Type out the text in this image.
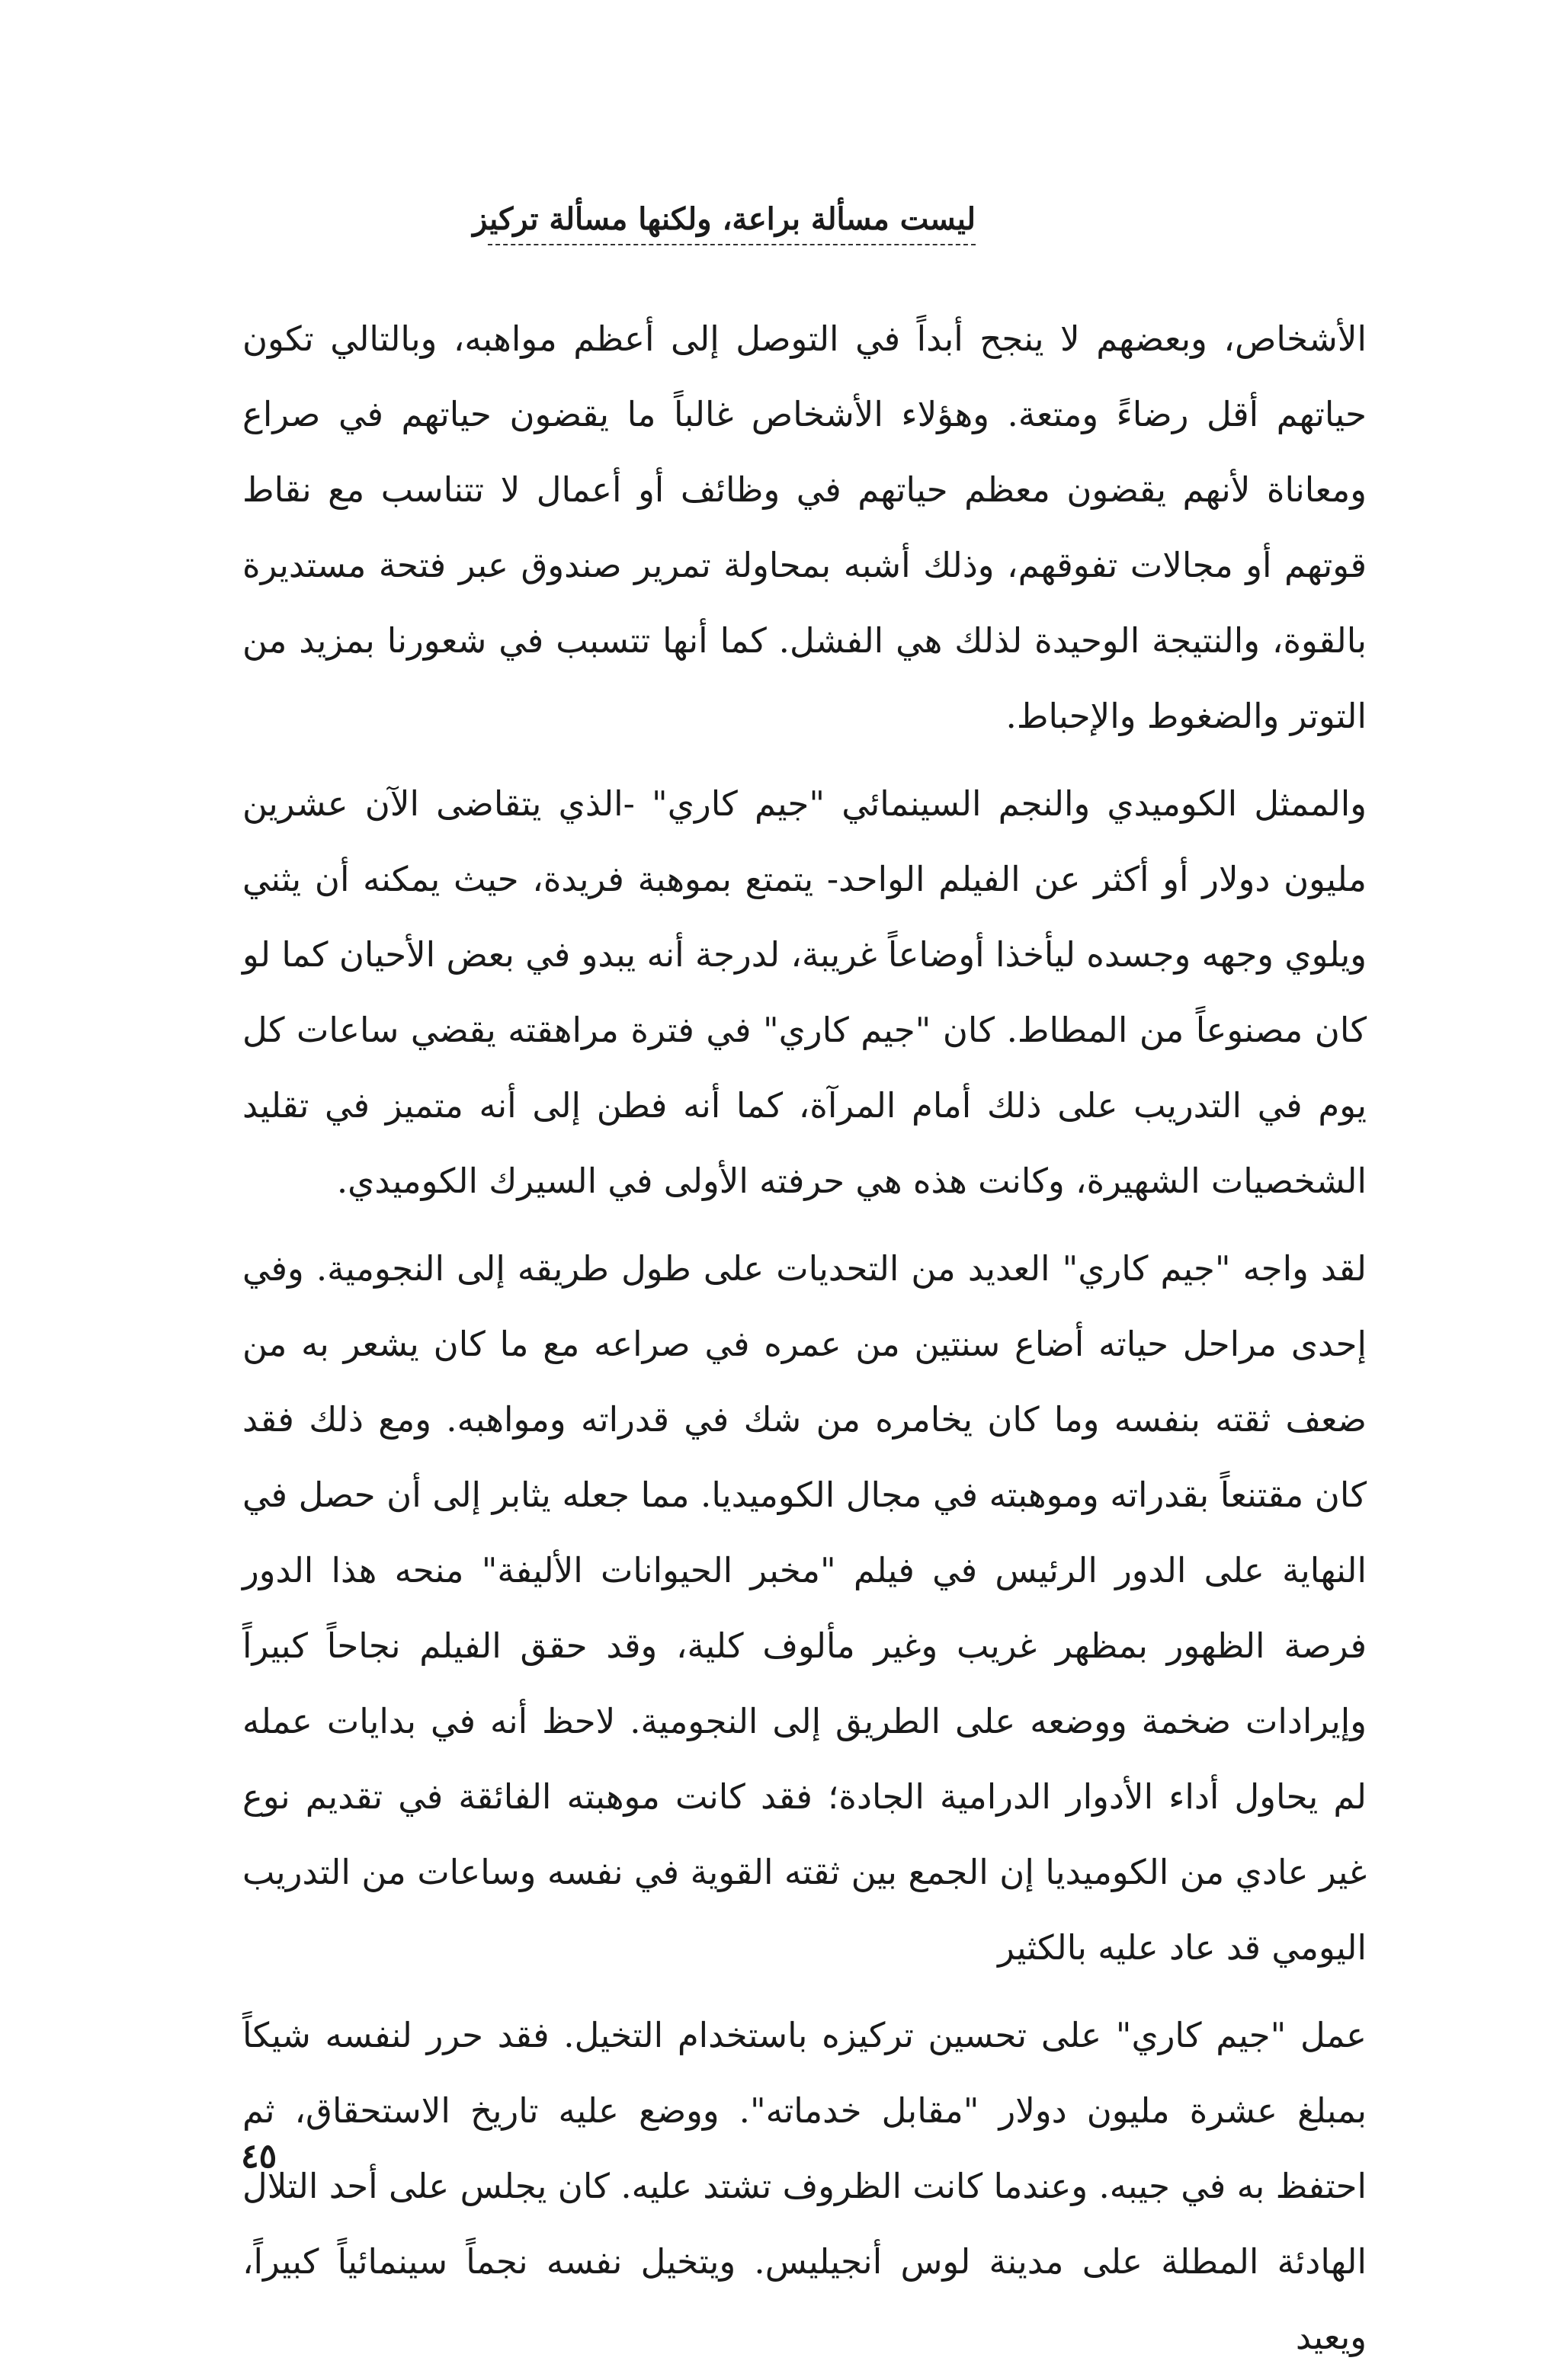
ليست مسألة براعة، ولكنها مسألة تركيز

الأشخاص، وبعضهم لا ينجح أبداً في التوصل إلى أعظم مواهبه، وبالتالي تكون حياتهم أقل رضاءً ومتعة. وهؤلاء الأشخاص غالباً ما يقضون حياتهم في صراع ومعاناة لأنهم يقضون معظم حياتهم في وظائف أو أعمال لا تتناسب مع نقاط قوتهم أو مجالات تفوقهم، وذلك أشبه بمحاولة تمرير صندوق عبر فتحة مستديرة بالقوة، والنتيجة الوحيدة لذلك هي الفشل. كما أنها تتسبب في شعورنا بمزيد من التوتر والضغوط والإحباط.

والممثل الكوميدي والنجم السينمائي "جيم كاري" -الذي يتقاضى الآن عشرين مليون دولار أو أكثر عن الفيلم الواحد- يتمتع بموهبة فريدة، حيث يمكنه أن يثني ويلوي وجهه وجسده ليأخذا أوضاعاً غريبة، لدرجة أنه يبدو في بعض الأحيان كما لو كان مصنوعاً من المطاط. كان "جيم كاري" في فترة مراهقته يقضي ساعات كل يوم في التدريب على ذلك أمام المرآة، كما أنه فطن إلى أنه متميز في تقليد الشخصيات الشهيرة، وكانت هذه هي حرفته الأولى في السيرك الكوميدي.

لقد واجه "جيم كاري" العديد من التحديات على طول طريقه إلى النجومية. وفي إحدى مراحل حياته أضاع سنتين من عمره في صراعه مع ما كان يشعر به من ضعف ثقته بنفسه وما كان يخامره من شك في قدراته ومواهبه. ومع ذلك فقد كان مقتنعاً بقدراته وموهبته في مجال الكوميديا. مما جعله يثابر إلى أن حصل في النهاية على الدور الرئيس في فيلم "مخبر الحيوانات الأليفة" منحه هذا الدور فرصة الظهور بمظهر غريب وغير مألوف كلية، وقد حقق الفيلم نجاحاً كبيراً وإيرادات ضخمة ووضعه على الطريق إلى النجومية. لاحظ أنه في بدايات عمله لم يحاول أداء الأدوار الدرامية الجادة؛ فقد كانت موهبته الفائقة في تقديم نوع غير عادي من الكوميديا إن الجمع بين ثقته القوية في نفسه وساعات من التدريب اليومي قد عاد عليه بالكثير

عمل "جيم كاري" على تحسين تركيزه باستخدام التخيل. فقد حرر لنفسه شيكاً بمبلغ عشرة مليون دولار "مقابل خدماته". ووضع عليه تاريخ الاستحقاق، ثم احتفظ به في جيبه. وعندما كانت الظروف تشتد عليه. كان يجلس على أحد التلال الهادئة المطلة على مدينة لوس أنجيليس. ويتخيل نفسه نجماً سينمائياً كبيراً، ويعيد

٤٥
